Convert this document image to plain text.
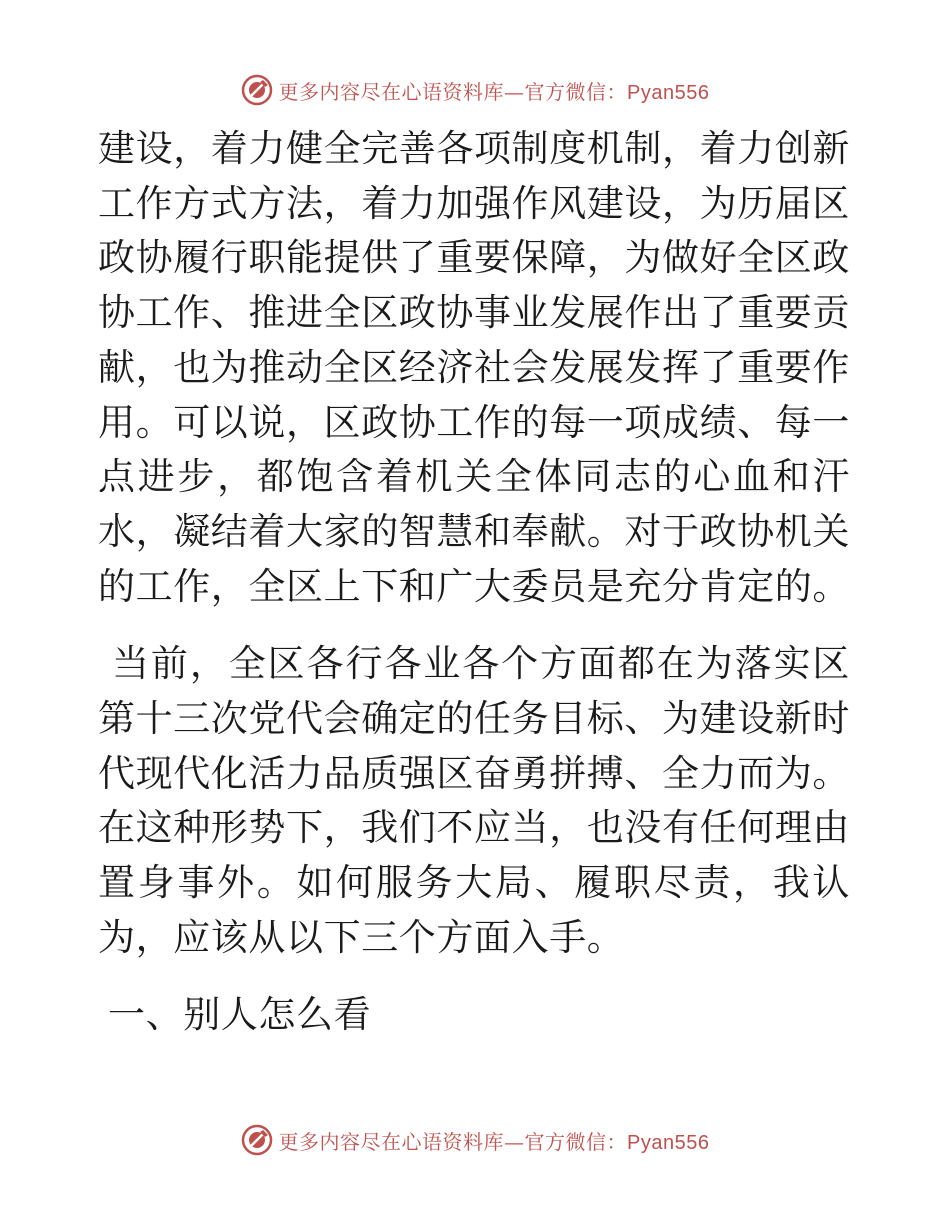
更多内容尽在心语资料库—官方微信：Pyan556

建设，着力健全完善各项制度机制，着力创新工作方式方法，着力加强作风建设，为历届区政协履行职能提供了重要保障，为做好全区政协工作、推进全区政协事业发展作出了重要贡献，也为推动全区经济社会发展发挥了重要作用。可以说，区政协工作的每一项成绩、每一点进步，都饱含着机关全体同志的心血和汗水，凝结着大家的智慧和奉献。对于政协机关的工作，全区上下和广大委员是充分肯定的。

当前，全区各行各业各个方面都在为落实区第十三次党代会确定的任务目标、为建设新时代现代化活力品质强区奋勇拼搏、全力而为。在这种形势下，我们不应当，也没有任何理由置身事外。如何服务大局、履职尽责，我认为，应该从以下三个方面入手。

一、别人怎么看
更多内容尽在心语资料库—官方微信：Pyan556
